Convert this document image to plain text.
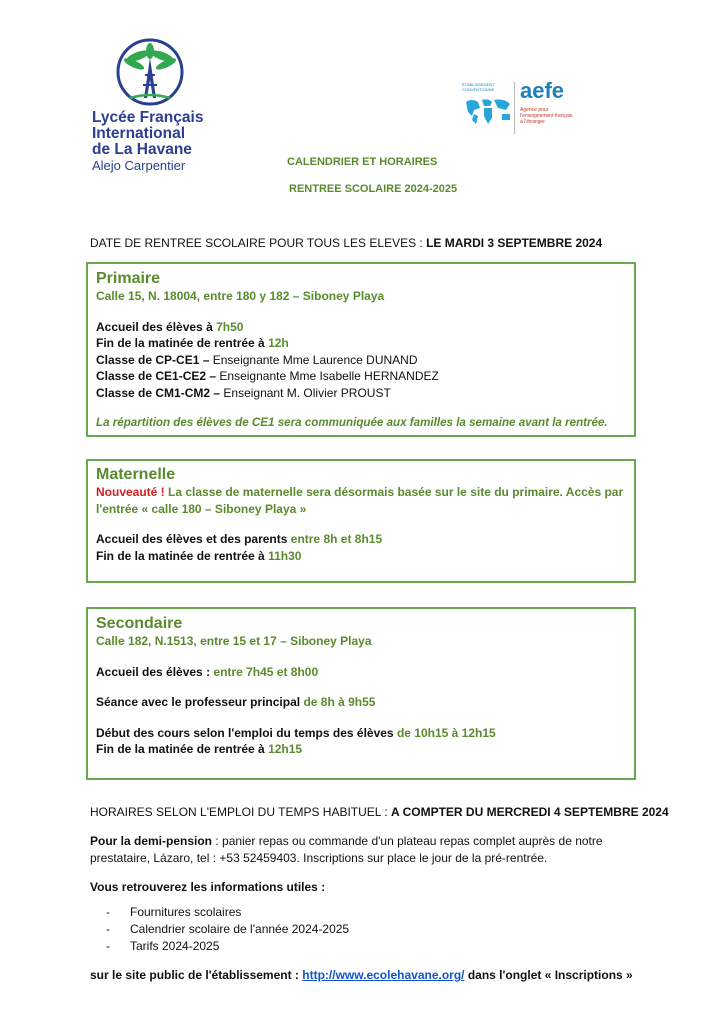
Lycée Français
International
de La Havane
Alejo Carpentier
ÉTABLISSEMENT
CONVENTIONNÉ	aefe
Agence pour
l'enseignement français
à l'étranger
CALENDRIER ET HORAIRES
RENTREE SCOLAIRE 2024-2025
DATE DE RENTREE SCOLAIRE POUR TOUS LES ELEVES : LE MARDI 3 SEPTEMBRE 2024
Primaire
Calle 15, N. 18004, entre 180 y 182 – Siboney Playa
Accueil des élèves à 7h50
Fin de la matinée de rentrée à 12h
Classe de CP-CE1 – Enseignante Mme Laurence DUNAND
Classe de CE1-CE2 – Enseignante Mme Isabelle HERNANDEZ
Classe de CM1-CM2 – Enseignant M. Olivier PROUST
La répartition des élèves de CE1 sera communiquée aux familles la semaine avant la rentrée.
Maternelle
Nouveauté ! La classe de maternelle sera désormais basée sur le site du primaire. Accès par
l'entrée « calle 180 – Siboney Playa »
Accueil des élèves et des parents entre 8h et 8h15
Fin de la matinée de rentrée à 11h30
Secondaire
Calle 182, N.1513, entre 15 et 17 – Siboney Playa
Accueil des élèves : entre 7h45 et 8h00
Séance avec le professeur principal de 8h à 9h55
Début des cours selon l'emploi du temps des élèves de 10h15 à 12h15
Fin de la matinée de rentrée à 12h15
HORAIRES SELON L'EMPLOI DU TEMPS HABITUEL : A COMPTER DU MERCREDI 4 SEPTEMBRE 2024
Pour la demi-pension : panier repas ou commande d'un plateau repas complet auprès de notre
prestataire, Lázaro, tel : +53 52459403. Inscriptions sur place le jour de la pré-rentrée.
Vous retrouverez les informations utiles :
- Fournitures scolaires
- Calendrier scolaire de l'année 2024-2025
- Tarifs 2024-2025
sur le site public de l'établissement : http://www.ecolehavane.org/ dans l'onglet « Inscriptions »
